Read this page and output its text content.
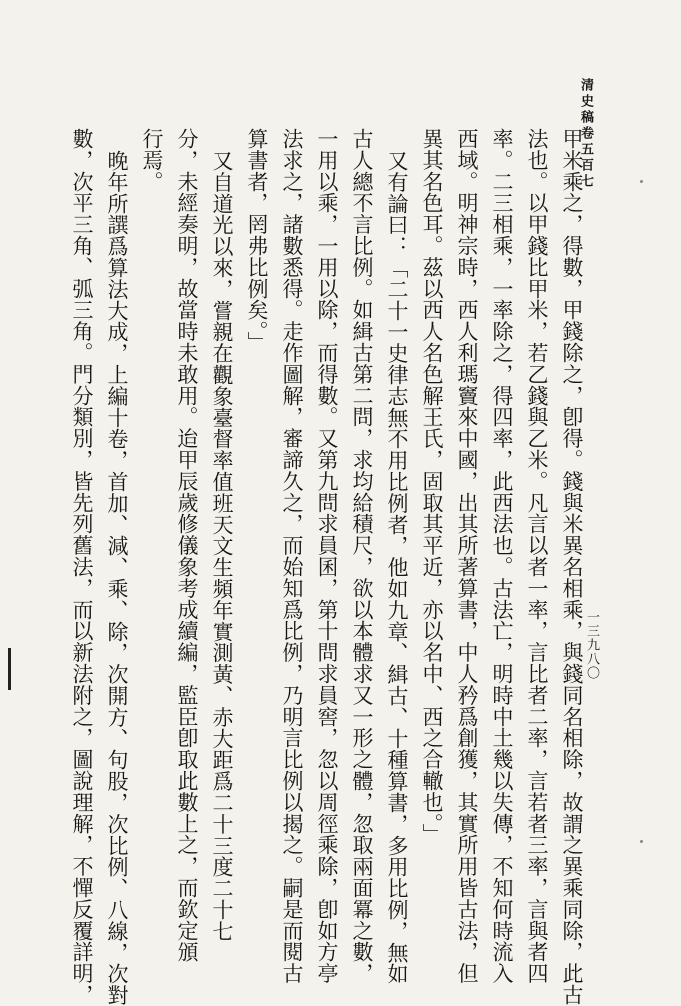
清史稿卷五百七
一三九八〇
甲米乘之，得數，甲錢除之，卽得。錢與米異名相乘，與錢同名相除，故謂之異乘同除，此古
法也。以甲錢比甲米，若乙錢與乙米。凡言以者一率，言比者二率，言若者三率，言與者四
率。二三相乘，一率除之，得四率，此西法也。古法亡，明時中土幾以失傳，不知何時流入
西域。明神宗時，西人利瑪竇來中國，出其所著算書，中人矜爲創獲，其實所用皆古法，但
異其名色耳。茲以西人名色解王氏，固取其平近，亦以名中、西之合轍也。」
又有論曰：「二十一史律志無不用比例者，他如九章、緝古、十種算書，多用比例，無如
古人總不言比例。如緝古第二問，求均給積尺，欲以本體求又一形之體，忽取兩面冪之數，
一用以乘，一用以除，而得數。又第九問求員囷，第十問求員窖，忽以周徑乘除，卽如方亭
法求之，諸數悉得。走作圖解，審諦久之，而始知爲比例，乃明言比例以揭之。嗣是而閱古
算書者，罔弗比例矣。」
又自道光以來，嘗親在觀象臺督率值班天文生頻年實測黃、赤大距爲二十三度二十七
分，未經奏明，故當時未敢用。迨甲辰歲修儀象考成續編，監臣卽取此數上之，而欽定頒
行焉。
晚年所譔爲算法大成，上編十卷，首加、減、乘、除，次開方、句股，次比例、八線，次對
數，次平三角、弧三角。門分類別，皆先列舊法，而以新法附之，圖說理解，不憚反覆詳明，
